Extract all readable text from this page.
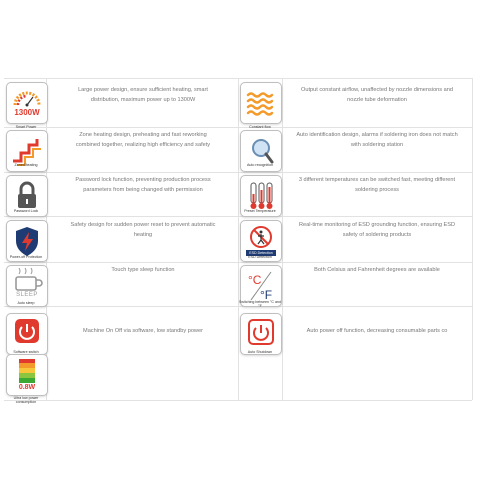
1300W
Smart Power
Large power design, ensure sufficient heating, smart
distribution, maximum power up to 1300W
Constant flow
Output constant airflow, unaffected by nozzle dimensions and
nozzle tube deformation
Zoned heating
Zone heating design, preheating and fast reworking
combined together, realizing high efficiency and safety
Auto recognition
Auto identification design, alarms if soldering iron does not match
with soldering station
Password Lock
Password lock function, preventing production process
parameters from being changed with permission
Preset Temperature
3 different temperatures can be switched fast, meeting different
soldering process
Power-off Protection
Safety design for sudden power reset to prevent automatic
heating
ESD Detection
ESD Detection
Real-time monitoring of ESD grounding function, ensuring ESD
safety of soldering products
SLEEP
Auto sleep
Touch type sleep function
°C
°F
Switching between °C and °F
Both Celsius and Fahrenheit degrees are available
Software switch
Machine On Off via software, low standby power
Auto Shutdown
Auto power off function, decreasing consumable parts co
0.8W
Ultra low power consumption
